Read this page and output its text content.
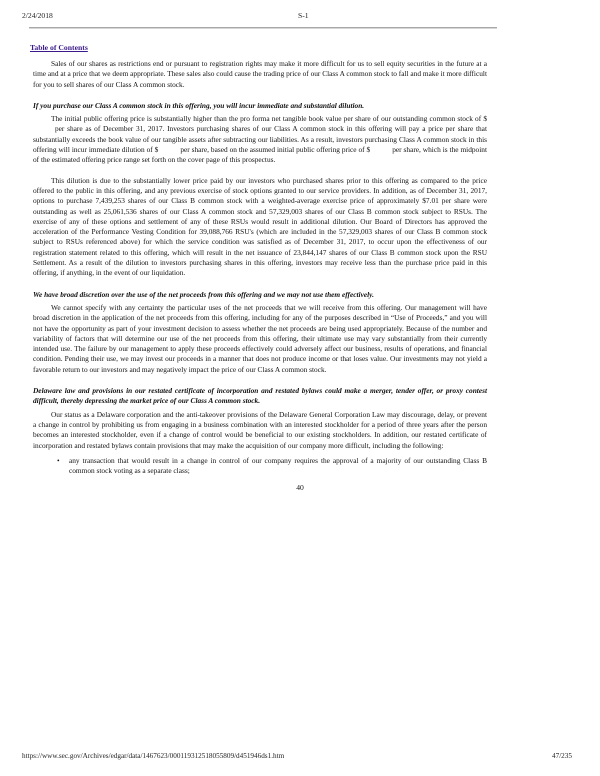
2/24/2018	S-1
Table of Contents

Sales of our shares as restrictions end or pursuant to registration rights may make it more difficult for us to sell equity securities in the future at a time and at a price that we deem appropriate. These sales also could cause the trading price of our Class A common stock to fall and make it more difficult for you to sell shares of our Class A common stock.

If you purchase our Class A common stock in this offering, you will incur immediate and substantial dilution.

The initial public offering price is substantially higher than the pro forma net tangible book value per share of our outstanding common stock of $per share as of December 31, 2017. Investors purchasing shares of our Class A common stock in this offering will pay a price per share that substantially exceeds the book value of our tangible assets after subtracting our liabilities. As a result, investors purchasing Class A common stock in this offering will incur immediate dilution of $	per share, based on the assumed initial public offering price of $	per share, which is the midpoint of the estimated offering price range set forth on the cover page of this prospectus.

This dilution is due to the substantially lower price paid by our investors who purchased shares prior to this offering as compared to the price offered to the public in this offering, and any previous exercise of stock options granted to our service providers. In addition, as of December 31, 2017, options to purchase 7,439,253 shares of our Class B common stock with a weighted-average exercise price of approximately $7.01 per share were outstanding as well as 25,061,536 shares of our Class A common stock and 57,329,003 shares of our Class B common stock subject to RSUs. The exercise of any of these options and settlement of any of these RSUs would result in additional dilution. Our Board of Directors has approved the acceleration of the Performance Vesting Condition for 39,088,766 RSU's (which are included in the 57,329,003 shares of our Class B common stock subject to RSUs referenced above) for which the service condition was satisfied as of December 31, 2017, to occur upon the effectiveness of our registration statement related to this offering, which will result in the net issuance of 23,844,147 shares of our Class B common stock upon the RSU Settlement. As a result of the dilution to investors purchasing shares in this offering, investors may receive less than the purchase price paid in this offering, if anything, in the event of our liquidation.

We have broad discretion over the use of the net proceeds from this offering and we may not use them effectively.

We cannot specify with any certainty the particular uses of the net proceeds that we will receive from this offering. Our management will have broad discretion in the application of the net proceeds from this offering, including for any of the purposes described in “Use of Proceeds,” and you will not have the opportunity as part of your investment decision to assess whether the net proceeds are being used appropriately. Because of the number and variability of factors that will determine our use of the net proceeds from this offering, their ultimate use may vary substantially from their currently intended use. The failure by our management to apply these proceeds effectively could adversely affect our business, results of operations, and financial condition. Pending their use, we may invest our proceeds in a manner that does not produce income or that loses value. Our investments may not yield a favorable return to our investors and may negatively impact the price of our Class A common stock.

Delaware law and provisions in our restated certificate of incorporation and restated bylaws could make a merger, tender offer, or proxy contest difficult, thereby depressing the market price of our Class A common stock.

Our status as a Delaware corporation and the anti-takeover provisions of the Delaware General Corporation Law may discourage, delay, or prevent a change in control by prohibiting us from engaging in a business combination with an interested stockholder for a period of three years after the person becomes an interested stockholder, even if a change of control would be beneficial to our existing stockholders. In addition, our restated certificate of incorporation and restated bylaws contain provisions that may make the acquisition of our company more difficult, including the following:

• any transaction that would result in a change in control of our company requires the approval of a majority of our outstanding Class B common stock voting as a separate class;

40
https://www.sec.gov/Archives/edgar/data/1467623/000119312518055809/d451946ds1.htm	47/235
